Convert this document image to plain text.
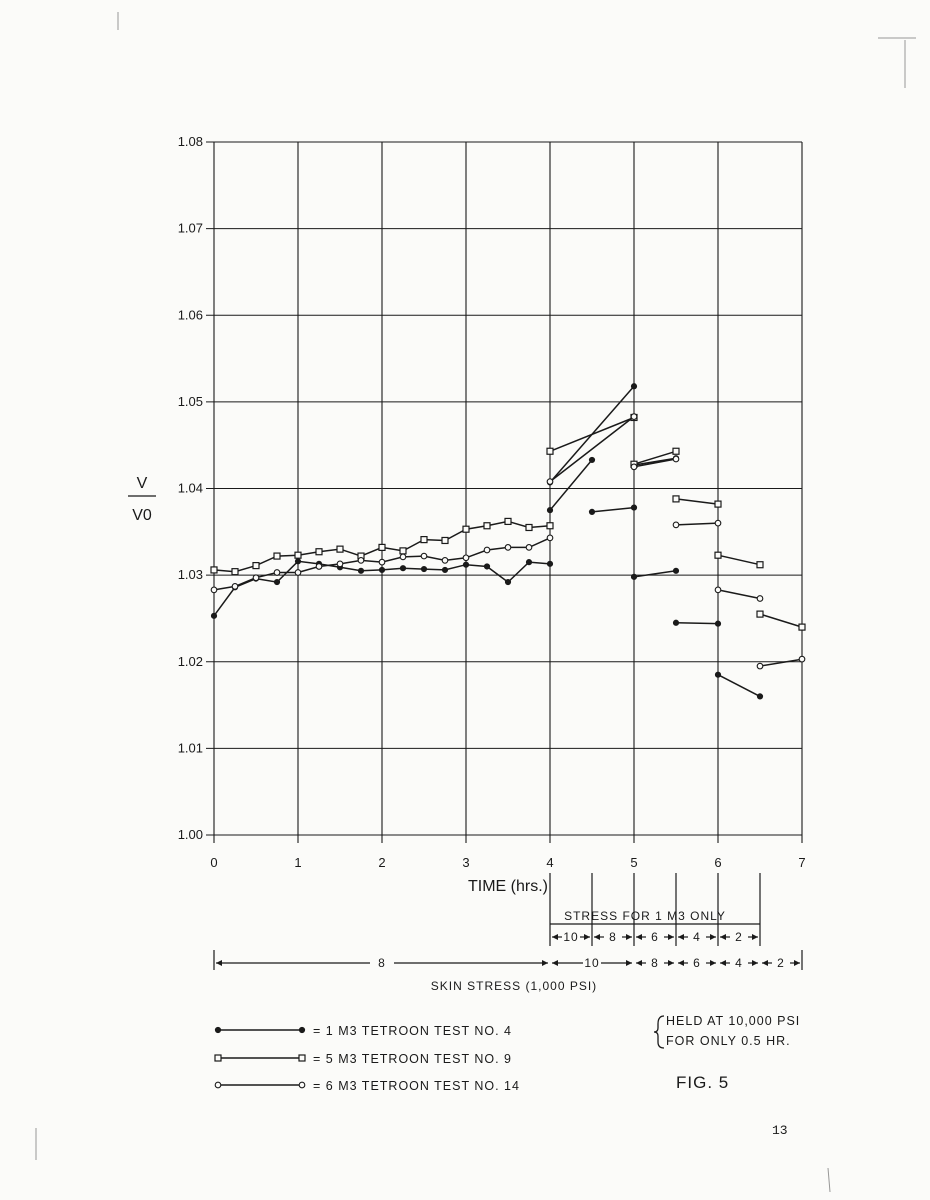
1.00
1.01
1.02
1.03
1.04
1.05
1.06
1.07
1.08
0	1	2	3	4	5	6	7
V
V0
TIME (hrs.)
10	8	6	4	2
8	10	8	6	4	2
STRESS FOR 1 M3 ONLY
SKIN STRESS (1,000 PSI)
= 1 M3 TETROON TEST NO. 4
= 5 M3 TETROON TEST NO. 9
= 6 M3 TETROON TEST NO. 14
HELD AT 10,000 PSI
FOR ONLY 0.5 HR.
FIG. 5
13
